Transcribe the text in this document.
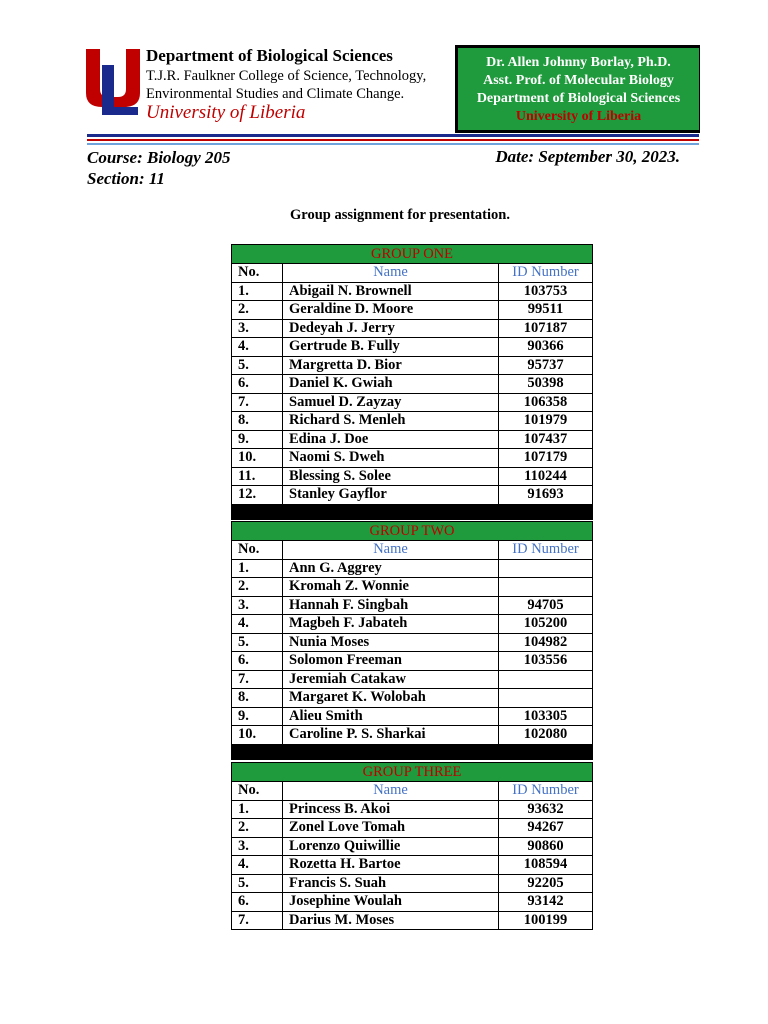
Department of Biological Sciences
T.J.R. Faulkner College of Science, Technology,
Environmental Studies and Climate Change.
University of Liberia
Dr. Allen Johnny Borlay, Ph.D.
Asst. Prof. of Molecular Biology
Department of Biological Sciences
University of Liberia
Course: Biology 205
Section: 11
Date: September 30, 2023.
Group assignment for presentation.
GROUP ONE		
No.	Name	ID Number
1.	Abigail N. Brownell	103753
2.	Geraldine D. Moore	99511
3.	Dedeyah J. Jerry	107187
4.	Gertrude B. Fully	90366
5.	Margretta D. Bior	95737
6.	Daniel K. Gwiah	50398
7.	Samuel D. Zayzay	106358
8.	Richard S. Menleh	101979
9.	Edina J. Doe	107437
10.	Naomi S. Dweh	107179
11.	Blessing S. Solee	110244
12.	Stanley Gayflor	91693
GROUP TWO		
No.	Name	ID Number
1.	Ann G. Aggrey	
2.	Kromah Z. Wonnie	
3.	Hannah F. Singbah	94705
4.	Magbeh F. Jabateh	105200
5.	Nunia Moses	104982
6.	Solomon Freeman	103556
7.	Jeremiah Catakaw	
8.	Margaret K. Wolobah	
9.	Alieu Smith	103305
10.	Caroline P. S. Sharkai	102080
GROUP THREE		
No.	Name	ID Number
1.	Princess B. Akoi	93632
2.	Zonel Love Tomah	94267
3.	Lorenzo Quiwillie	90860
4.	Rozetta H. Bartoe	108594
5.	Francis S. Suah	92205
6.	Josephine Woulah	93142
7.	Darius M. Moses	100199
